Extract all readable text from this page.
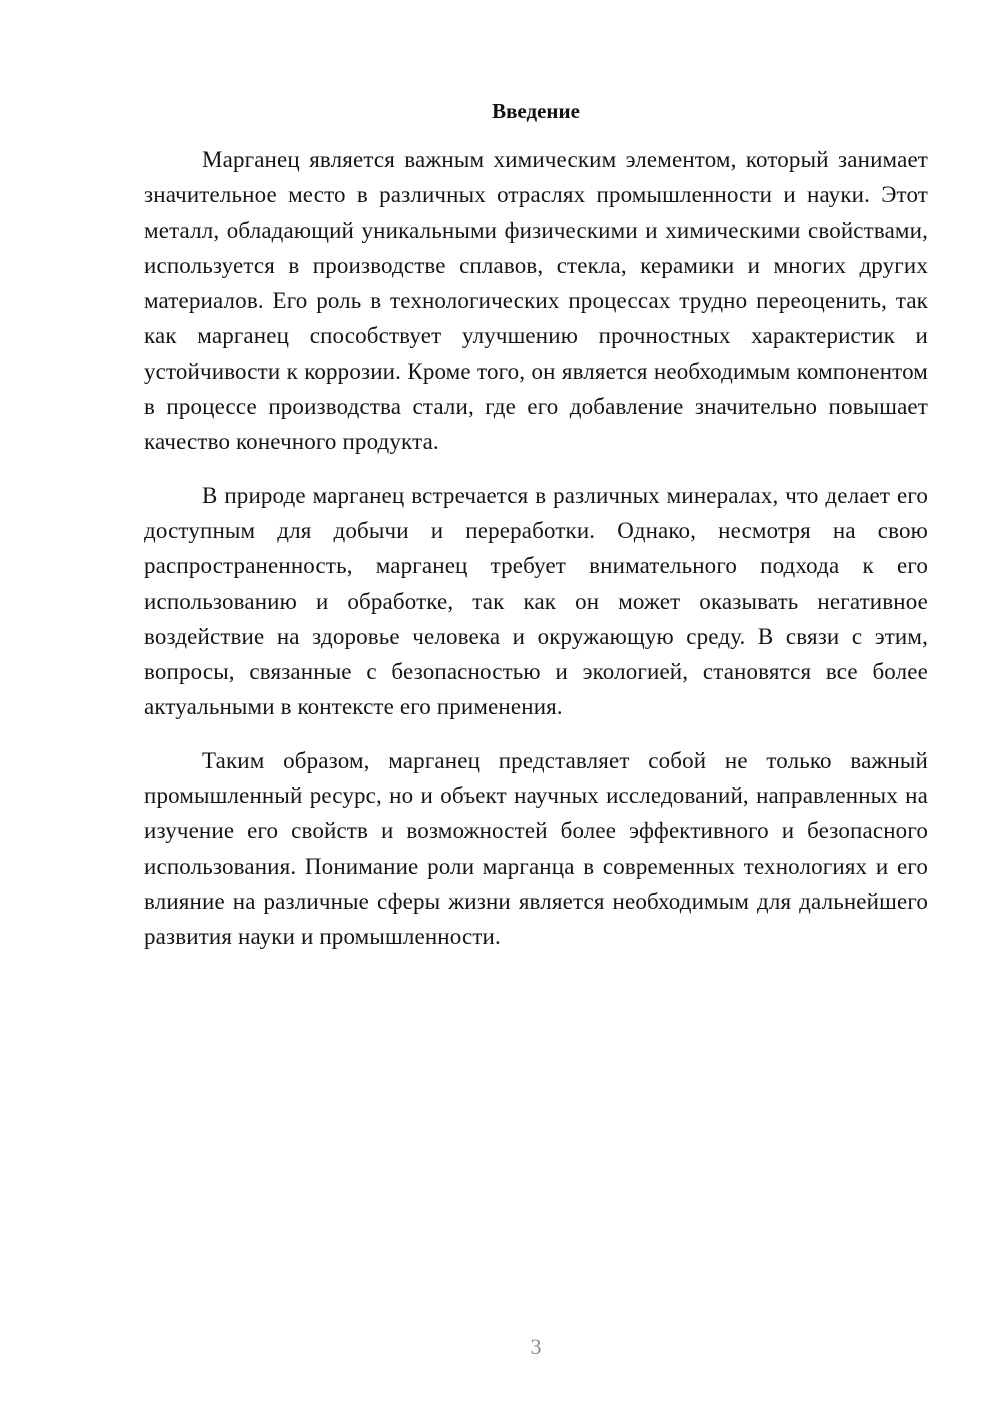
Введение

Марганец является важным химическим элементом, который занимает значительное место в различных отраслях промышленности и науки. Этот металл, обладающий уникальными физическими и химическими свойствами, используется в производстве сплавов, стекла, керамики и многих других материалов. Его роль в технологических процессах трудно переоценить, так как марганец способствует улучшению прочностных характеристик и устойчивости к коррозии. Кроме того, он является необходимым компонентом в процессе производства стали, где его добавление значительно повышает качество конечного продукта.

В природе марганец встречается в различных минералах, что делает его доступным для добычи и переработки. Однако, несмотря на свою распространенность, марганец требует внимательного подхода к его использованию и обработке, так как он может оказывать негативное воздействие на здоровье человека и окружающую среду. В связи с этим, вопросы, связанные с безопасностью и экологией, становятся все более актуальными в контексте его применения.

Таким образом, марганец представляет собой не только важный промышленный ресурс, но и объект научных исследований, направленных на изучение его свойств и возможностей более эффективного и безопасного использования. Понимание роли марганца в современных технологиях и его влияние на различные сферы жизни является необходимым для дальнейшего развития науки и промышленности.

3
